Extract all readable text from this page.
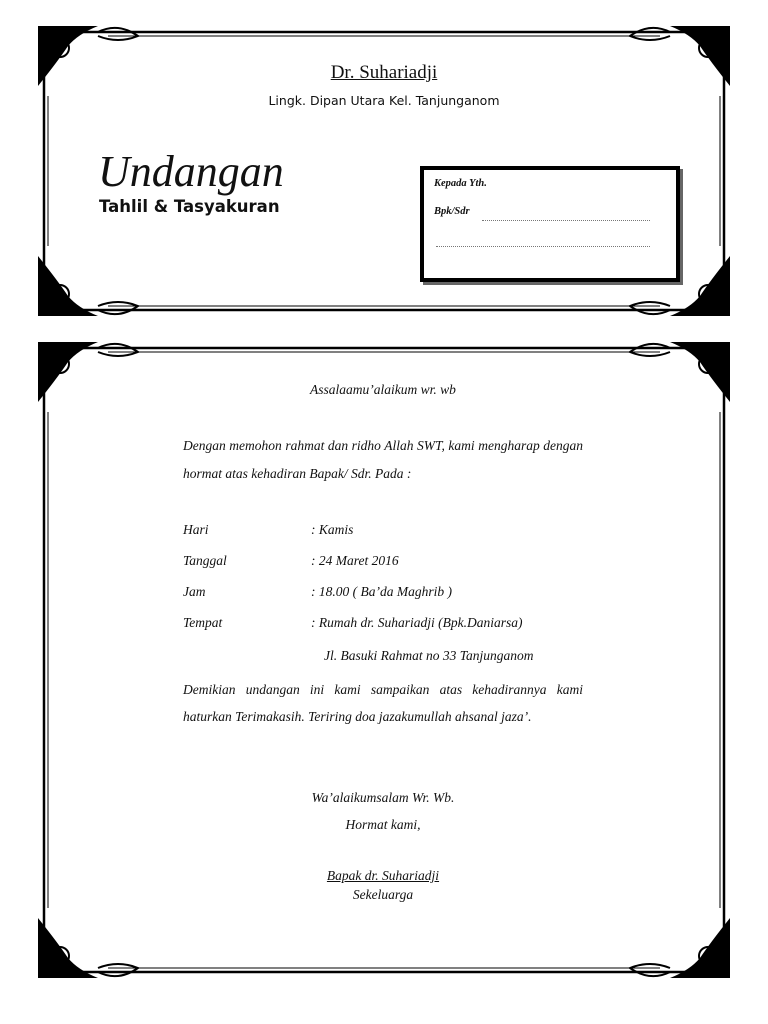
Dr. Suhariadji
Lingk. Dipan Utara Kel. Tanjunganom
Undangan
Tahlil & Tasyakuran
Kepada Yth.
Bpk/Sdr
Assalaamu’alaikum wr. wb
Dengan memohon rahmat dan ridho Allah SWT, kami mengharap dengan hormat atas kehadiran Bapak/ Sdr. Pada :
Hari	: Kamis
Tanggal	: 24 Maret 2016
Jam	: 18.00 ( Ba’da Maghrib )
Tempat	: Rumah dr. Suhariadji (Bpk.Daniarsa)
Jl. Basuki Rahmat no 33 Tanjunganom
Demikian undangan ini kami sampaikan atas kehadirannya kami haturkan Terimakasih. Teriring doa jazakumullah ahsanal jaza’.
Wa’alaikumsalam Wr. Wb.
Hormat kami,
Bapak dr. Suhariadji
Sekeluarga
